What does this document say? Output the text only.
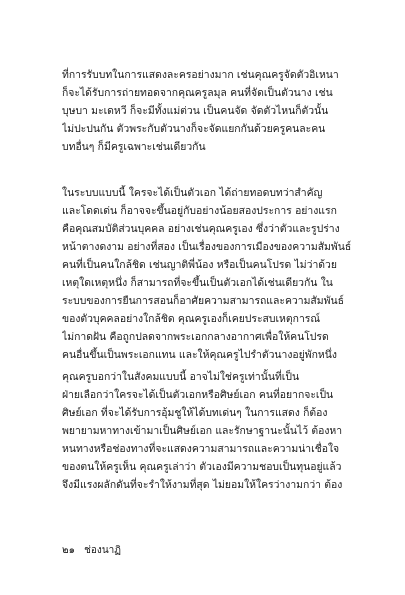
ที่การรับบทในการแสดงละครอย่างมาก เช่นคุณครูจัดตัวอิเหนา
ก็จะได้รับการถ่ายทอดจากคุณครูลมุล คนที่จัดเป็นตัวนาง เช่น
บุษบา มะเดหวี ก็จะมีทั้งแม่ต่วน เป็นคนจัด จัดตัวไหนก็ตัวนั้น
ไม่ปะปนกัน ตัวพระกับตัวนางก็จะจัดแยกกันด้วยครูคนละคน
บทอื่นๆ ก็มีครูเฉพาะเช่นเดียวกัน
ในระบบแบบนี้ ใครจะได้เป็นตัวเอก ได้ถ่ายทอดบทว่าสำคัญ
และโดดเด่น ก็อาจจะขึ้นอยู่กับอย่างน้อยสองประการ อย่างแรก
คือคุณสมบัติส่วนบุคคล อย่างเช่นคุณครูเอง ซึ่งว่าตัวและรูปร่าง
หน้าตางดงาม อย่างที่สอง เป็นเรื่องของการเมืองของความสัมพันธ์
คนที่เป็นคนใกล้ชิด เช่นญาติพี่น้อง หรือเป็นคนโปรด ไม่ว่าด้วย
เหตุใดเหตุหนึ่ง ก็สามารถที่จะขึ้นเป็นตัวเอกได้เช่นเดียวกัน ใน
ระบบของการยืนการสอนก็อาศัยความสามารถและความสัมพันธ์
ของตัวบุคคลอย่างใกล้ชิด คุณครูเองก็เคยประสบเหตุการณ์
ไม่กาดฝัน คือถูกปลดจากพระเอกกลางอากาศเพื่อให้คนโปรด
คนอื่นขึ้นเป็นพระเอกแทน และให้คุณครูไปรำตัวนางอยู่พักหนึ่ง
คุณครูบอกว่าในสังคมแบบนี้ อาจไม่ใช่ครูเท่านั้นที่เป็น
ฝ่ายเลือกว่าใครจะได้เป็นตัวเอกหรือศิษย์เอก คนที่อยากจะเป็น
ศิษย์เอก ที่จะได้รับการอุ้มชูให้ได้บทเด่นๆ ในการแสดง ก็ต้อง
พยายามหาทางเข้ามาเป็นศิษย์เอก และรักษาฐานะนั้นไว้ ต้องหา
หนทางหรือช่องทางที่จะแสดงความสามารถและความน่าเชื่อใจ
ของตนให้ครูเห็น คุณครูเล่าว่า ตัวเองมีความชอบเป็นทุนอยู่แล้ว
จึงมีแรงผลักดันที่จะรำให้งามที่สุด ไม่ยอมให้ใครว่างามกว่า ต้อง
๒๑ ช่องนาฏิ
